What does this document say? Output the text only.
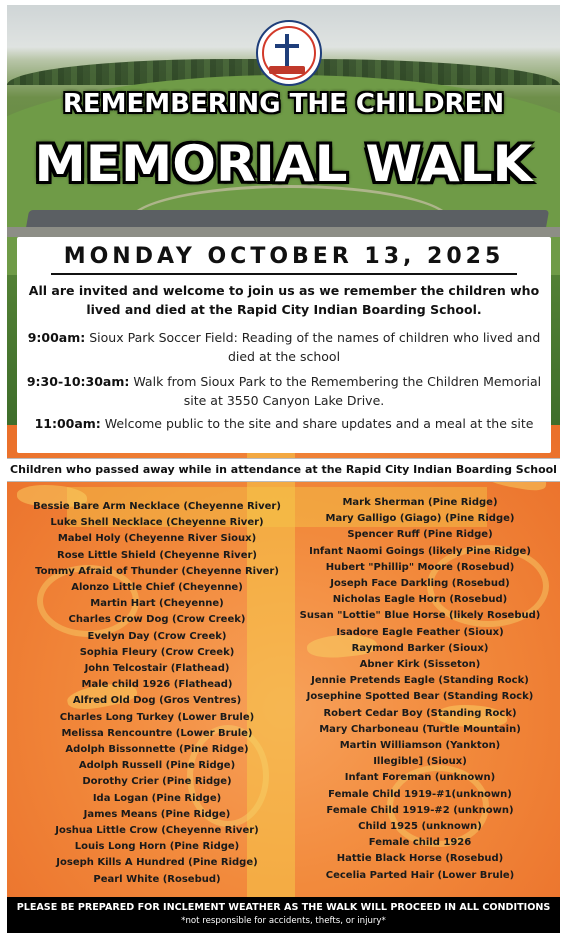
REMEMBERING THE CHILDREN
MEMORIAL WALK
MONDAY OCTOBER 13, 2025
All are invited and welcome to join us as we remember the children who lived and died at the Rapid City Indian Boarding School.
9:00am: Sioux Park Soccer Field: Reading of the names of children who lived and died at the school
9:30-10:30am: Walk from Sioux Park to the Remembering the Children Memorial site at 3550 Canyon Lake Drive.
11:00am: Welcome public to the site and share updates and a meal at the site
Children who passed away while in attendance at the Rapid City Indian Boarding School
Bessie Bare Arm Necklace (Cheyenne River)
Luke Shell Necklace (Cheyenne River)
Mabel Holy (Cheyenne River Sioux)
Rose Little Shield (Cheyenne River)
Tommy Afraid of Thunder (Cheyenne River)
Alonzo Little Chief (Cheyenne)
Martin Hart (Cheyenne)
Charles Crow Dog (Crow Creek)
Evelyn Day (Crow Creek)
Sophia Fleury (Crow Creek)
John Telcostair (Flathead)
Male child 1926 (Flathead)
Alfred Old Dog (Gros Ventres)
Charles Long Turkey (Lower Brule)
Melissa Rencountre (Lower Brule)
Adolph Bissonnette (Pine Ridge)
Adolph Russell (Pine Ridge)
Dorothy Crier (Pine Ridge)
Ida Logan (Pine Ridge)
James Means (Pine Ridge)
Joshua Little Crow (Cheyenne River)
Louis Long Horn (Pine Ridge)
Joseph Kills A Hundred (Pine Ridge)
Pearl White (Rosebud)
Mark Sherman (Pine Ridge)
Mary Galligo (Giago) (Pine Ridge)
Spencer Ruff (Pine Ridge)
Infant Naomi Goings (likely Pine Ridge)
Hubert "Phillip" Moore (Rosebud)
Joseph Face Darkling (Rosebud)
Nicholas Eagle Horn (Rosebud)
Susan "Lottie" Blue Horse (likely Rosebud)
Isadore Eagle Feather (Sioux)
Raymond Barker (Sioux)
Abner Kirk (Sisseton)
Jennie Pretends Eagle (Standing Rock)
Josephine Spotted Bear (Standing Rock)
Robert Cedar Boy (Standing Rock)
Mary Charboneau (Turtle Mountain)
Martin Williamson (Yankton)
Illegible] (Sioux)
Infant Foreman (unknown)
Female Child 1919-#1(unknown)
Female Child 1919-#2 (unknown)
Child 1925 (unknown)
Female child 1926
Hattie Black Horse (Rosebud)
Cecelia Parted Hair (Lower Brule)
PLEASE BE PREPARED FOR INCLEMENT WEATHER AS THE WALK WILL PROCEED IN ALL CONDITIONS
*not responsible for accidents, thefts, or injury*
